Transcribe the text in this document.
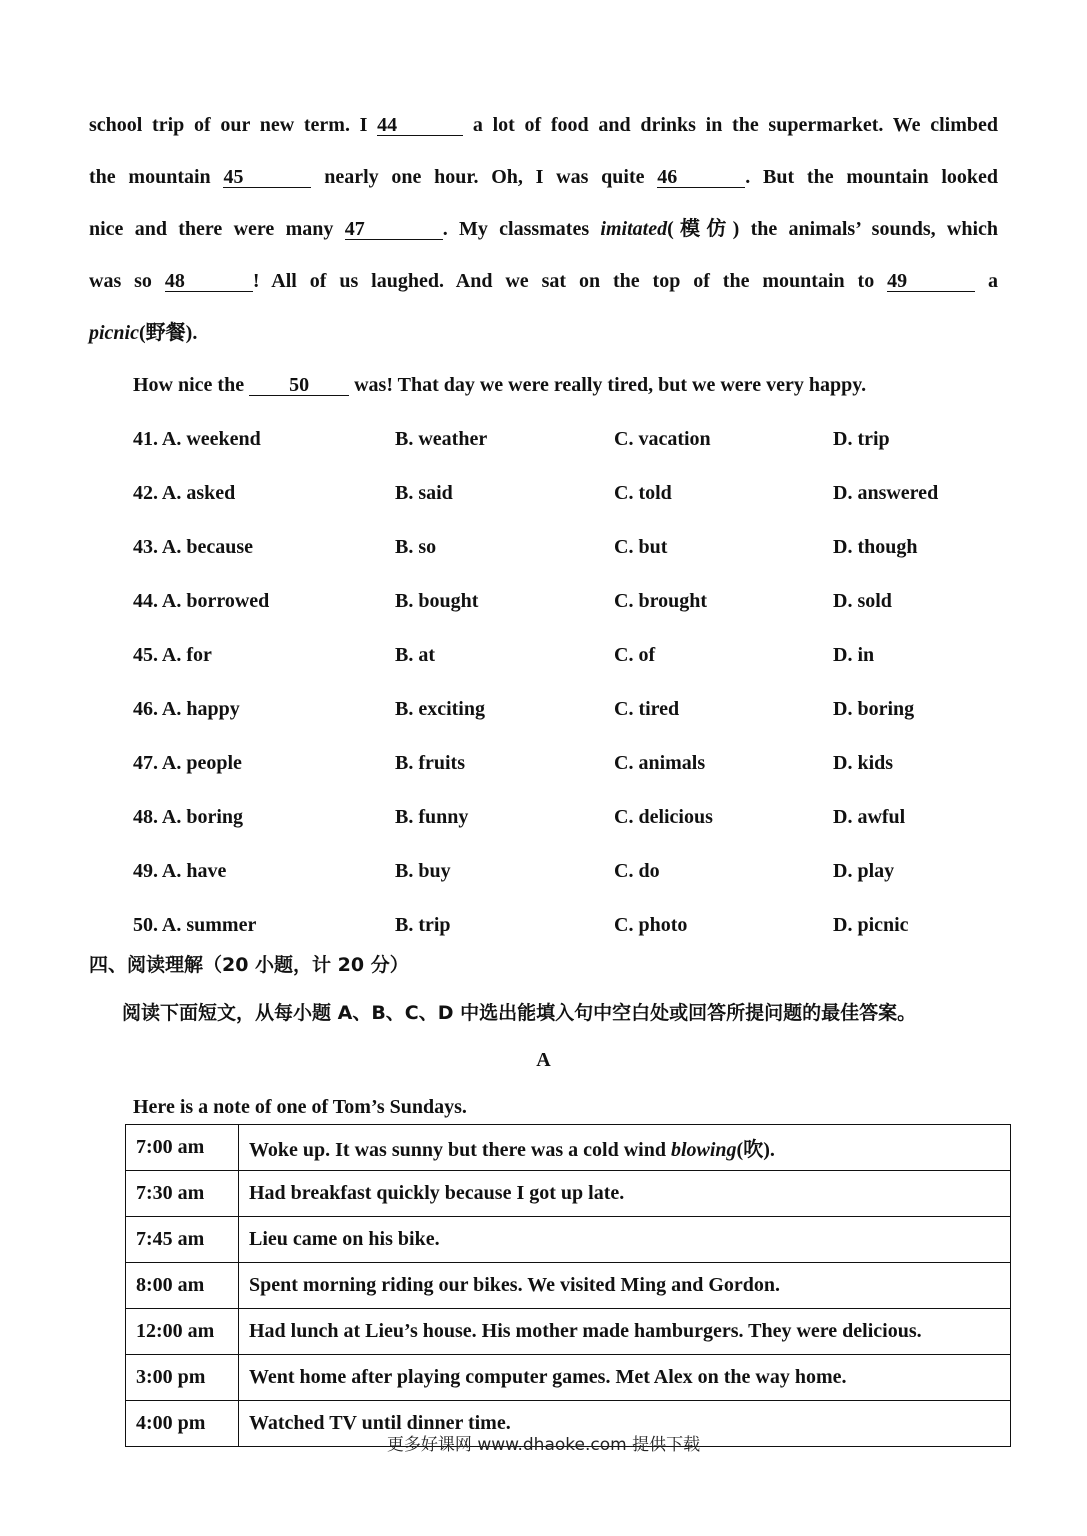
school trip of our new term. I 44	a lot of food and drinks in the supermarket. We climbed
the mountain 45	nearly one hour. Oh, I was quite 46	. But the mountain looked
nice and there were many 47	. My classmates imitated(模仿) the animals’ sounds, which
was so 48	! All of us laughed. And we sat on the top of the mountain to 49	a
picnic(野餐).
How nice the 50 was! That day we were really tired, but we were very happy.
41. A. weekend	B. weather	C. vacation	D. trip
42. A. asked	B. said	C. told	D. answered
43. A. because	B. so	C. but	D. though
44. A. borrowed	B. bought	C. brought	D. sold
45. A. for	B. at	C. of	D. in
46. A. happy	B. exciting	C. tired	D. boring
47. A. people	B. fruits	C. animals	D. kids
48. A. boring	B. funny	C. delicious	D. awful
49. A. have	B. buy	C. do	D. play
50. A. summer	B. trip	C. photo	D. picnic
四、阅读理解（20 小题，计 20 分）
阅读下面短文，从每小题 A、B、C、D 中选出能填入句中空白处或回答所提问题的最佳答案。
A
Here is a note of one of Tom’s Sundays.
7:00 am	Woke up. It was sunny but there was a cold wind blowing(吹).
7:30 am	Had breakfast quickly because I got up late.
7:45 am	Lieu came on his bike.
8:00 am	Spent morning riding our bikes. We visited Ming and Gordon.
12:00 am	Had lunch at Lieu’s house. His mother made hamburgers. They were delicious.
3:00 pm	Went home after playing computer games. Met Alex on the way home.
4:00 pm	Watched TV until dinner time.
更多好课网 www.dhaoke.com 提供下载
